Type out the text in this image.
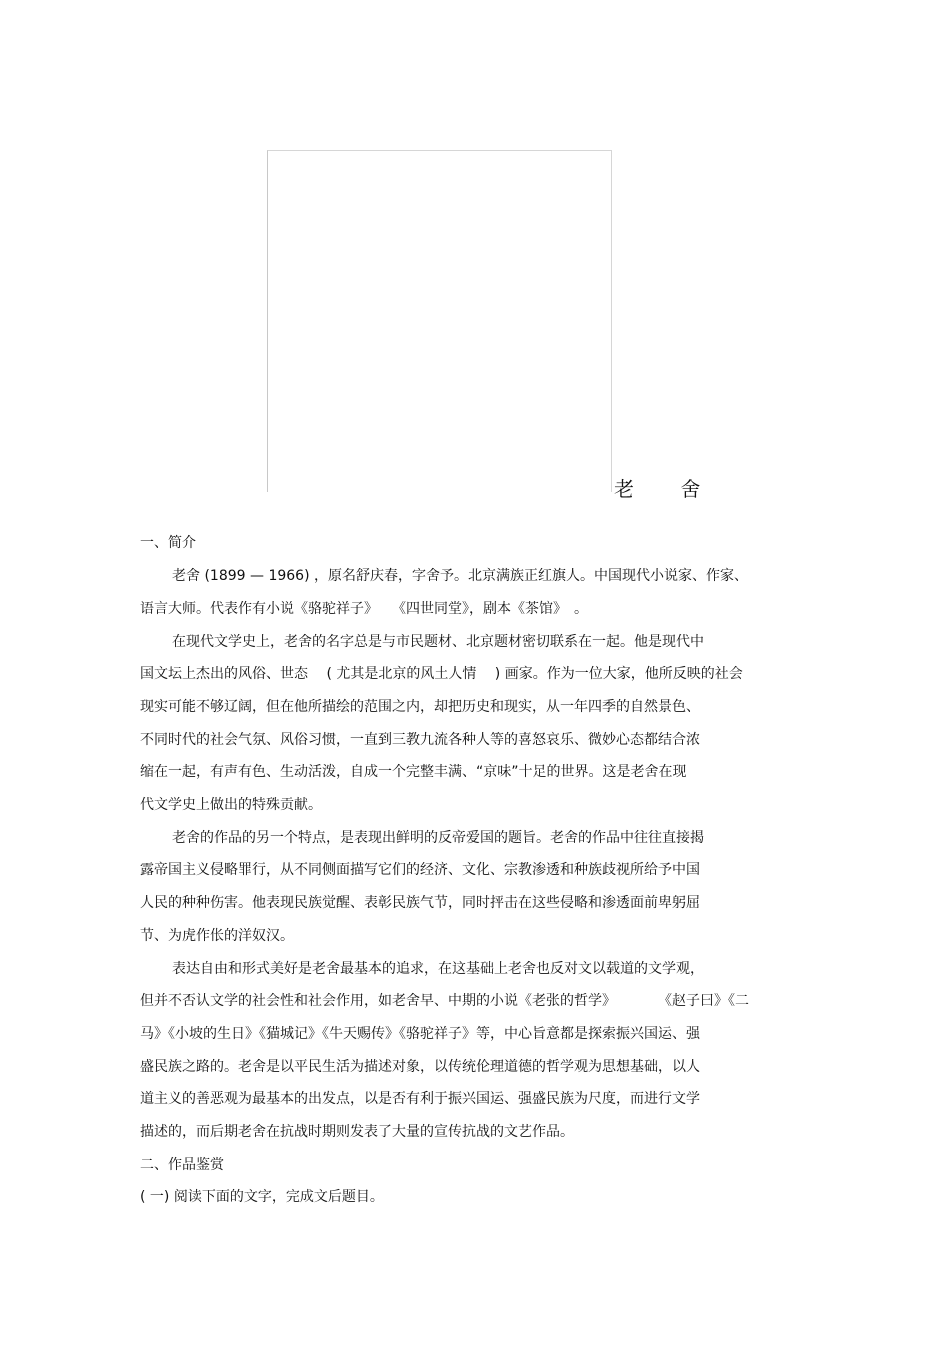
老 舍
一、简介
老舍 (1899 — 1966) ，原名舒庆春，字舍予。北京满族正红旗人。中国现代小说家、作家、
语言大师。代表作有小说《骆驼祥子》　　《四世同堂》，剧本《茶馆》　。
在现代文学史上，老舍的名字总是与市民题材、北京题材密切联系在一起。他是现代中
国文坛上杰出的风俗、世态　 ( 尤其是北京的风土人情　 ) 画家。作为一位大家，他所反映的社会
现实可能不够辽阔，但在他所描绘的范围之内，却把历史和现实，从一年四季的自然景色、
不同时代的社会气氛、风俗习惯，一直到三教九流各种人等的喜怒哀乐、微妙心态都结合浓
缩在一起，有声有色、生动活泼，自成一个完整丰满、“京味”十足的世界。这是老舍在现
代文学史上做出的特殊贡献。
老舍的作品的另一个特点，是表现出鲜明的反帝爱国的题旨。老舍的作品中往往直接揭
露帝国主义侵略罪行，从不同侧面描写它们的经济、文化、宗教渗透和种族歧视所给予中国
人民的种种伤害。他表现民族觉醒、表彰民族气节，同时抨击在这些侵略和渗透面前卑躬屈
节、为虎作伥的洋奴汉。
表达自由和形式美好是老舍最基本的追求，在这基础上老舍也反对文以载道的文学观，
但并不否认文学的社会性和社会作用，如老舍早、中期的小说《老张的哲学》　　　　《赵子曰》《二
马》《小坡的生日》《猫城记》《牛天赐传》《骆驼祥子》等，中心旨意都是探索振兴国运、强
盛民族之路的。老舍是以平民生活为描述对象，以传统伦理道德的哲学观为思想基础，以人
道主义的善恶观为最基本的出发点，以是否有利于振兴国运、强盛民族为尺度，而进行文学
描述的，而后期老舍在抗战时期则发表了大量的宣传抗战的文艺作品。
二、作品鉴赏
( 一) 阅读下面的文字，完成文后题目。
